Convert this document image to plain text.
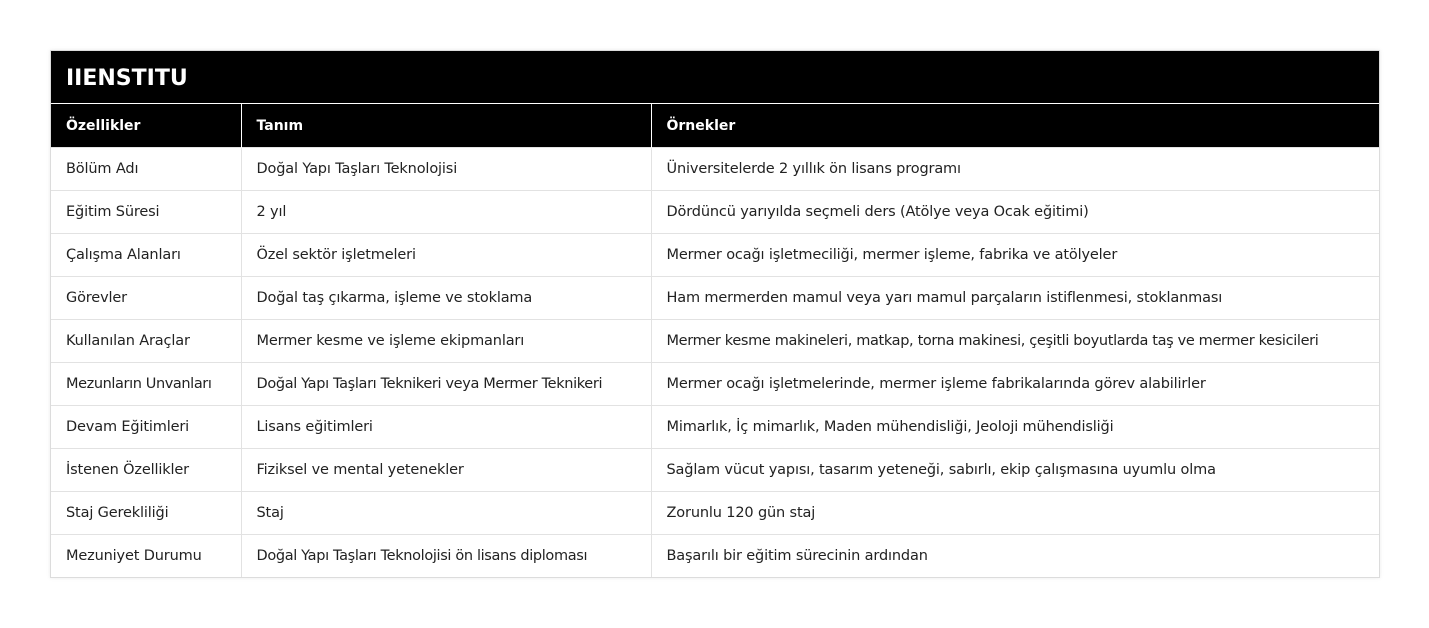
IIENSTITU
Özellikler	Tanım	Örnekler
Bölüm Adı	Doğal Yapı Taşları Teknolojisi	Üniversitelerde 2 yıllık ön lisans programı
Eğitim Süresi	2 yıl	Dördüncü yarıyılda seçmeli ders (Atölye veya Ocak eğitimi)
Çalışma Alanları	Özel sektör işletmeleri	Mermer ocağı işletmeciliği, mermer işleme, fabrika ve atölyeler
Görevler	Doğal taş çıkarma, işleme ve stoklama	Ham mermerden mamul veya yarı mamul parçaların istiflenmesi, stoklanması
Kullanılan Araçlar	Mermer kesme ve işleme ekipmanları	Mermer kesme makineleri, matkap, torna makinesi, çeşitli boyutlarda taş ve mermer kesicileri
Mezunların Unvanları	Doğal Yapı Taşları Teknikeri veya Mermer Teknikeri	Mermer ocağı işletmelerinde, mermer işleme fabrikalarında görev alabilirler
Devam Eğitimleri	Lisans eğitimleri	Mimarlık, İç mimarlık, Maden mühendisliği, Jeoloji mühendisliği
İstenen Özellikler	Fiziksel ve mental yetenekler	Sağlam vücut yapısı, tasarım yeteneği, sabırlı, ekip çalışmasına uyumlu olma
Staj Gerekliliği	Staj	Zorunlu 120 gün staj
Mezuniyet Durumu	Doğal Yapı Taşları Teknolojisi ön lisans diploması	Başarılı bir eğitim sürecinin ardından
